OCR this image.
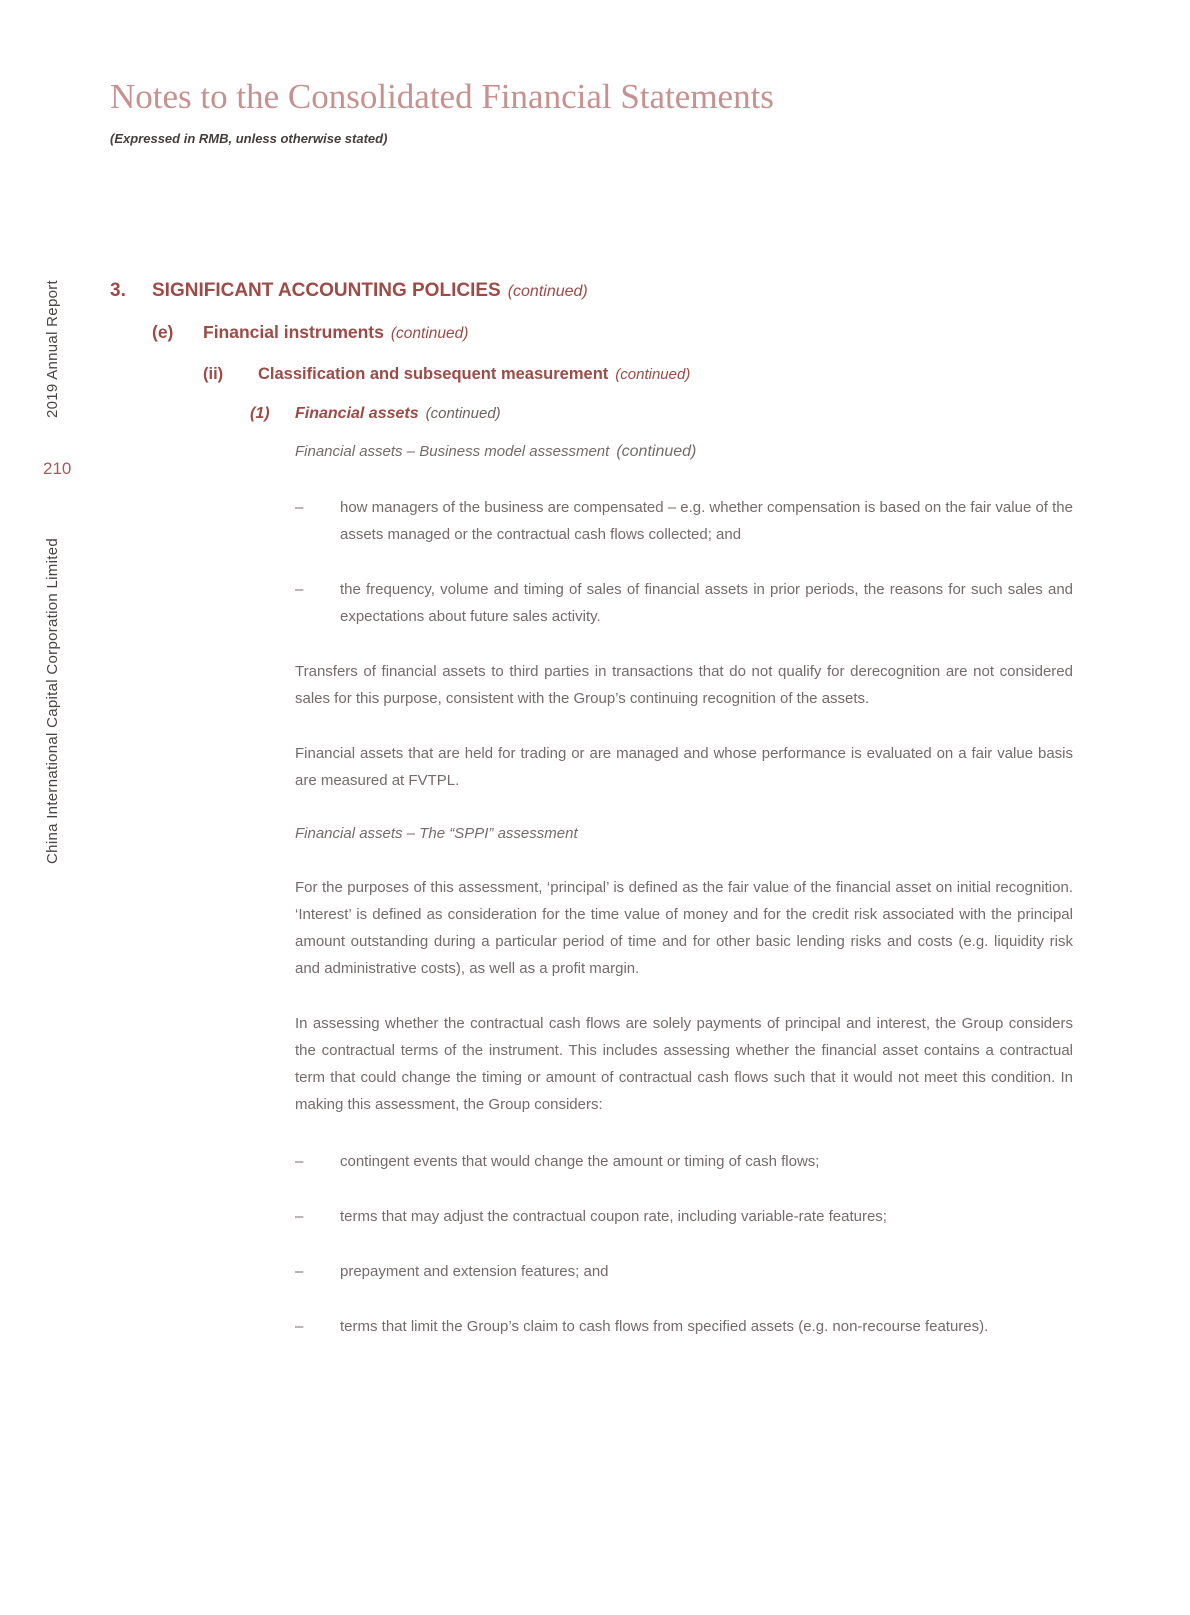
2019 Annual Report
210
China International Capital Corporation Limited
Notes to the Consolidated Financial Statements
(Expressed in RMB, unless otherwise stated)
3.	SIGNIFICANT ACCOUNTING POLICIES (continued)
(e)	Financial instruments (continued)
(ii)	Classification and subsequent measurement (continued)
(1)	Financial assets (continued)
Financial assets – Business model assessment (continued)
–	how managers of the business are compensated – e.g. whether compensation is based on the fair value of the assets managed or the contractual cash flows collected; and
–	the frequency, volume and timing of sales of financial assets in prior periods, the reasons for such sales and expectations about future sales activity.

Transfers of financial assets to third parties in transactions that do not qualify for derecognition are not considered sales for this purpose, consistent with the Group’s continuing recognition of the assets.

Financial assets that are held for trading or are managed and whose performance is evaluated on a fair value basis are measured at FVTPL.

Financial assets – The “SPPI” assessment

For the purposes of this assessment, ‘principal’ is defined as the fair value of the financial asset on initial recognition. ‘Interest’ is defined as consideration for the time value of money and for the credit risk associated with the principal amount outstanding during a particular period of time and for other basic lending risks and costs (e.g. liquidity risk and administrative costs), as well as a profit margin.

In assessing whether the contractual cash flows are solely payments of principal and interest, the Group considers the contractual terms of the instrument. This includes assessing whether the financial asset contains a contractual term that could change the timing or amount of contractual cash flows such that it would not meet this condition. In making this assessment, the Group considers:

–	contingent events that would change the amount or timing of cash flows;
–	terms that may adjust the contractual coupon rate, including variable-rate features;
–	prepayment and extension features; and
–	terms that limit the Group’s claim to cash flows from specified assets (e.g. non-recourse features).
